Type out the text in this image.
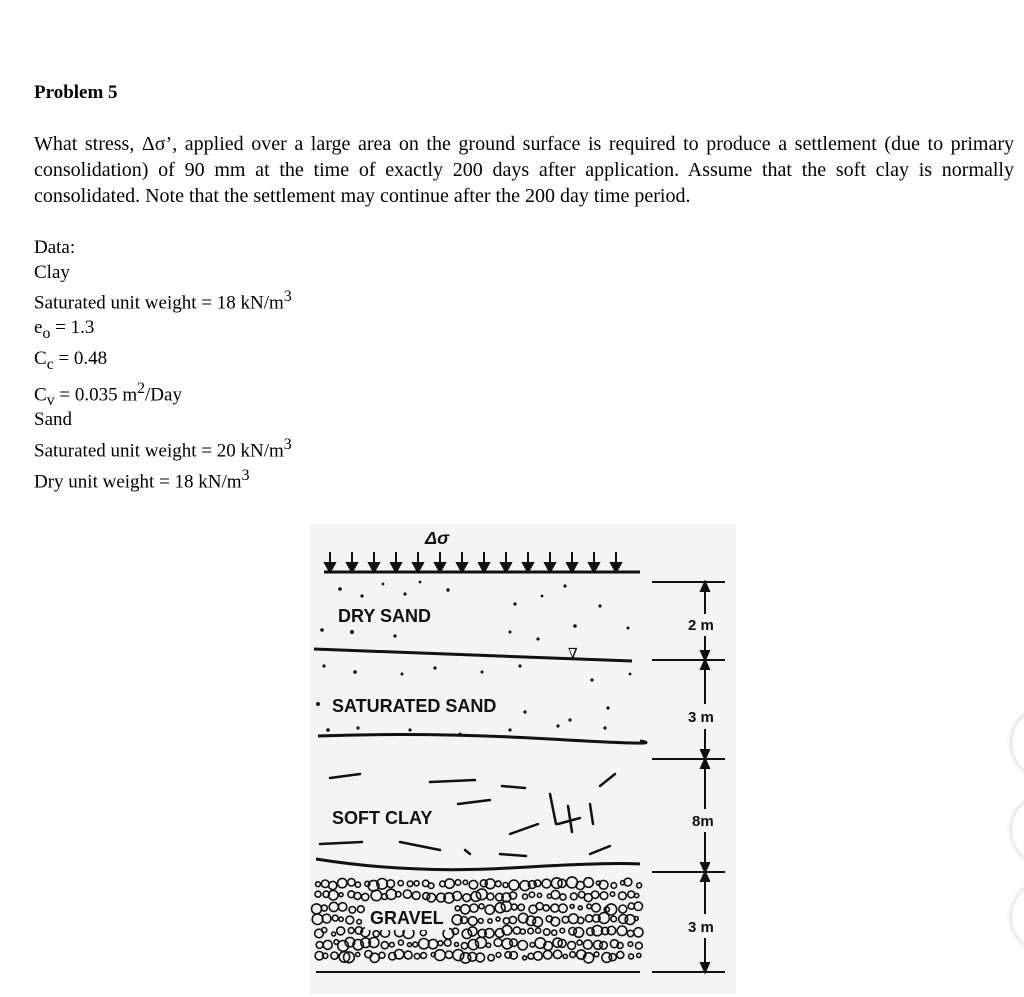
Problem 5

What stress, Δσ’, applied over a large area on the ground surface is required to produce a settlement (due to primary consolidation) of 90 mm at the time of exactly 200 days after application. Assume that the soft clay is normally consolidated. Note that the settlement may continue after the 200 day time period.

Data:
Clay
Saturated unit weight = 18 $kN/m^3$
$e_o = 1.3$
$C_c = 0.48$
$C_v = 0.035$ $m^2$/Day
Sand
Saturated unit weight = 20 $kN/m^3$
Dry unit weight = 18 $kN/m^3$
Δσ
∇
DRY SAND
SATURATED SAND
SOFT CLAY
GRAVEL
2 m
3 m
8m
3 m
